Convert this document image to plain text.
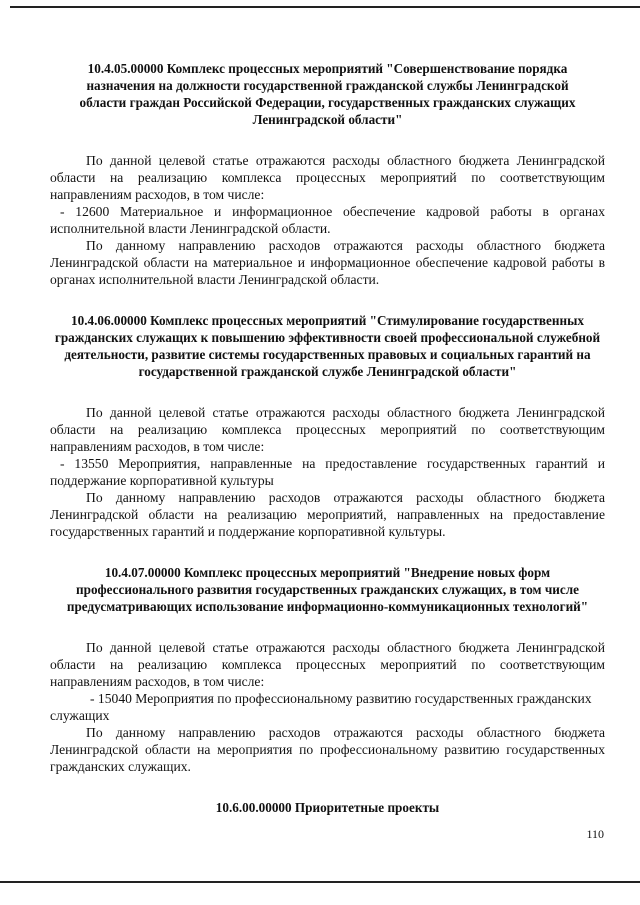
10.4.05.00000 Комплекс процессных мероприятий "Совершенствование порядка назначения на должности государственной гражданской службы Ленинградской области граждан Российской Федерации, государственных гражданских служащих Ленинградской области"

По данной целевой статье отражаются расходы областного бюджета Ленинградской области на реализацию комплекса процессных мероприятий по соответствующим направлениям расходов, в том числе:

- 12600 Материальное и информационное обеспечение кадровой работы в органах исполнительной власти Ленинградской области.

По данному направлению расходов отражаются расходы областного бюджета Ленинградской области на материальное и информационное обеспечение кадровой работы в органах исполнительной власти Ленинградской области.

10.4.06.00000 Комплекс процессных мероприятий "Стимулирование государственных гражданских служащих к повышению эффективности своей профессиональной служебной деятельности, развитие системы государственных правовых и социальных гарантий на государственной гражданской службе Ленинградской области"

По данной целевой статье отражаются расходы областного бюджета Ленинградской области на реализацию комплекса процессных мероприятий по соответствующим направлениям расходов, в том числе:

- 13550 Мероприятия, направленные на предоставление государственных гарантий и поддержание корпоративной культуры

По данному направлению расходов отражаются расходы областного бюджета Ленинградской области на реализацию мероприятий, направленных на предоставление государственных гарантий и поддержание корпоративной культуры.

10.4.07.00000 Комплекс процессных мероприятий "Внедрение новых форм профессионального развития государственных гражданских служащих, в том числе предусматривающих использование информационно-коммуникационных технологий"

По данной целевой статье отражаются расходы областного бюджета Ленинградской области на реализацию комплекса процессных мероприятий по соответствующим направлениям расходов, в том числе:

- 15040 Мероприятия по профессиональному развитию государственных гражданских служащих

По данному направлению расходов отражаются расходы областного бюджета Ленинградской области на мероприятия по профессиональному развитию государственных гражданских служащих.

10.6.00.00000 Приоритетные проекты

110
